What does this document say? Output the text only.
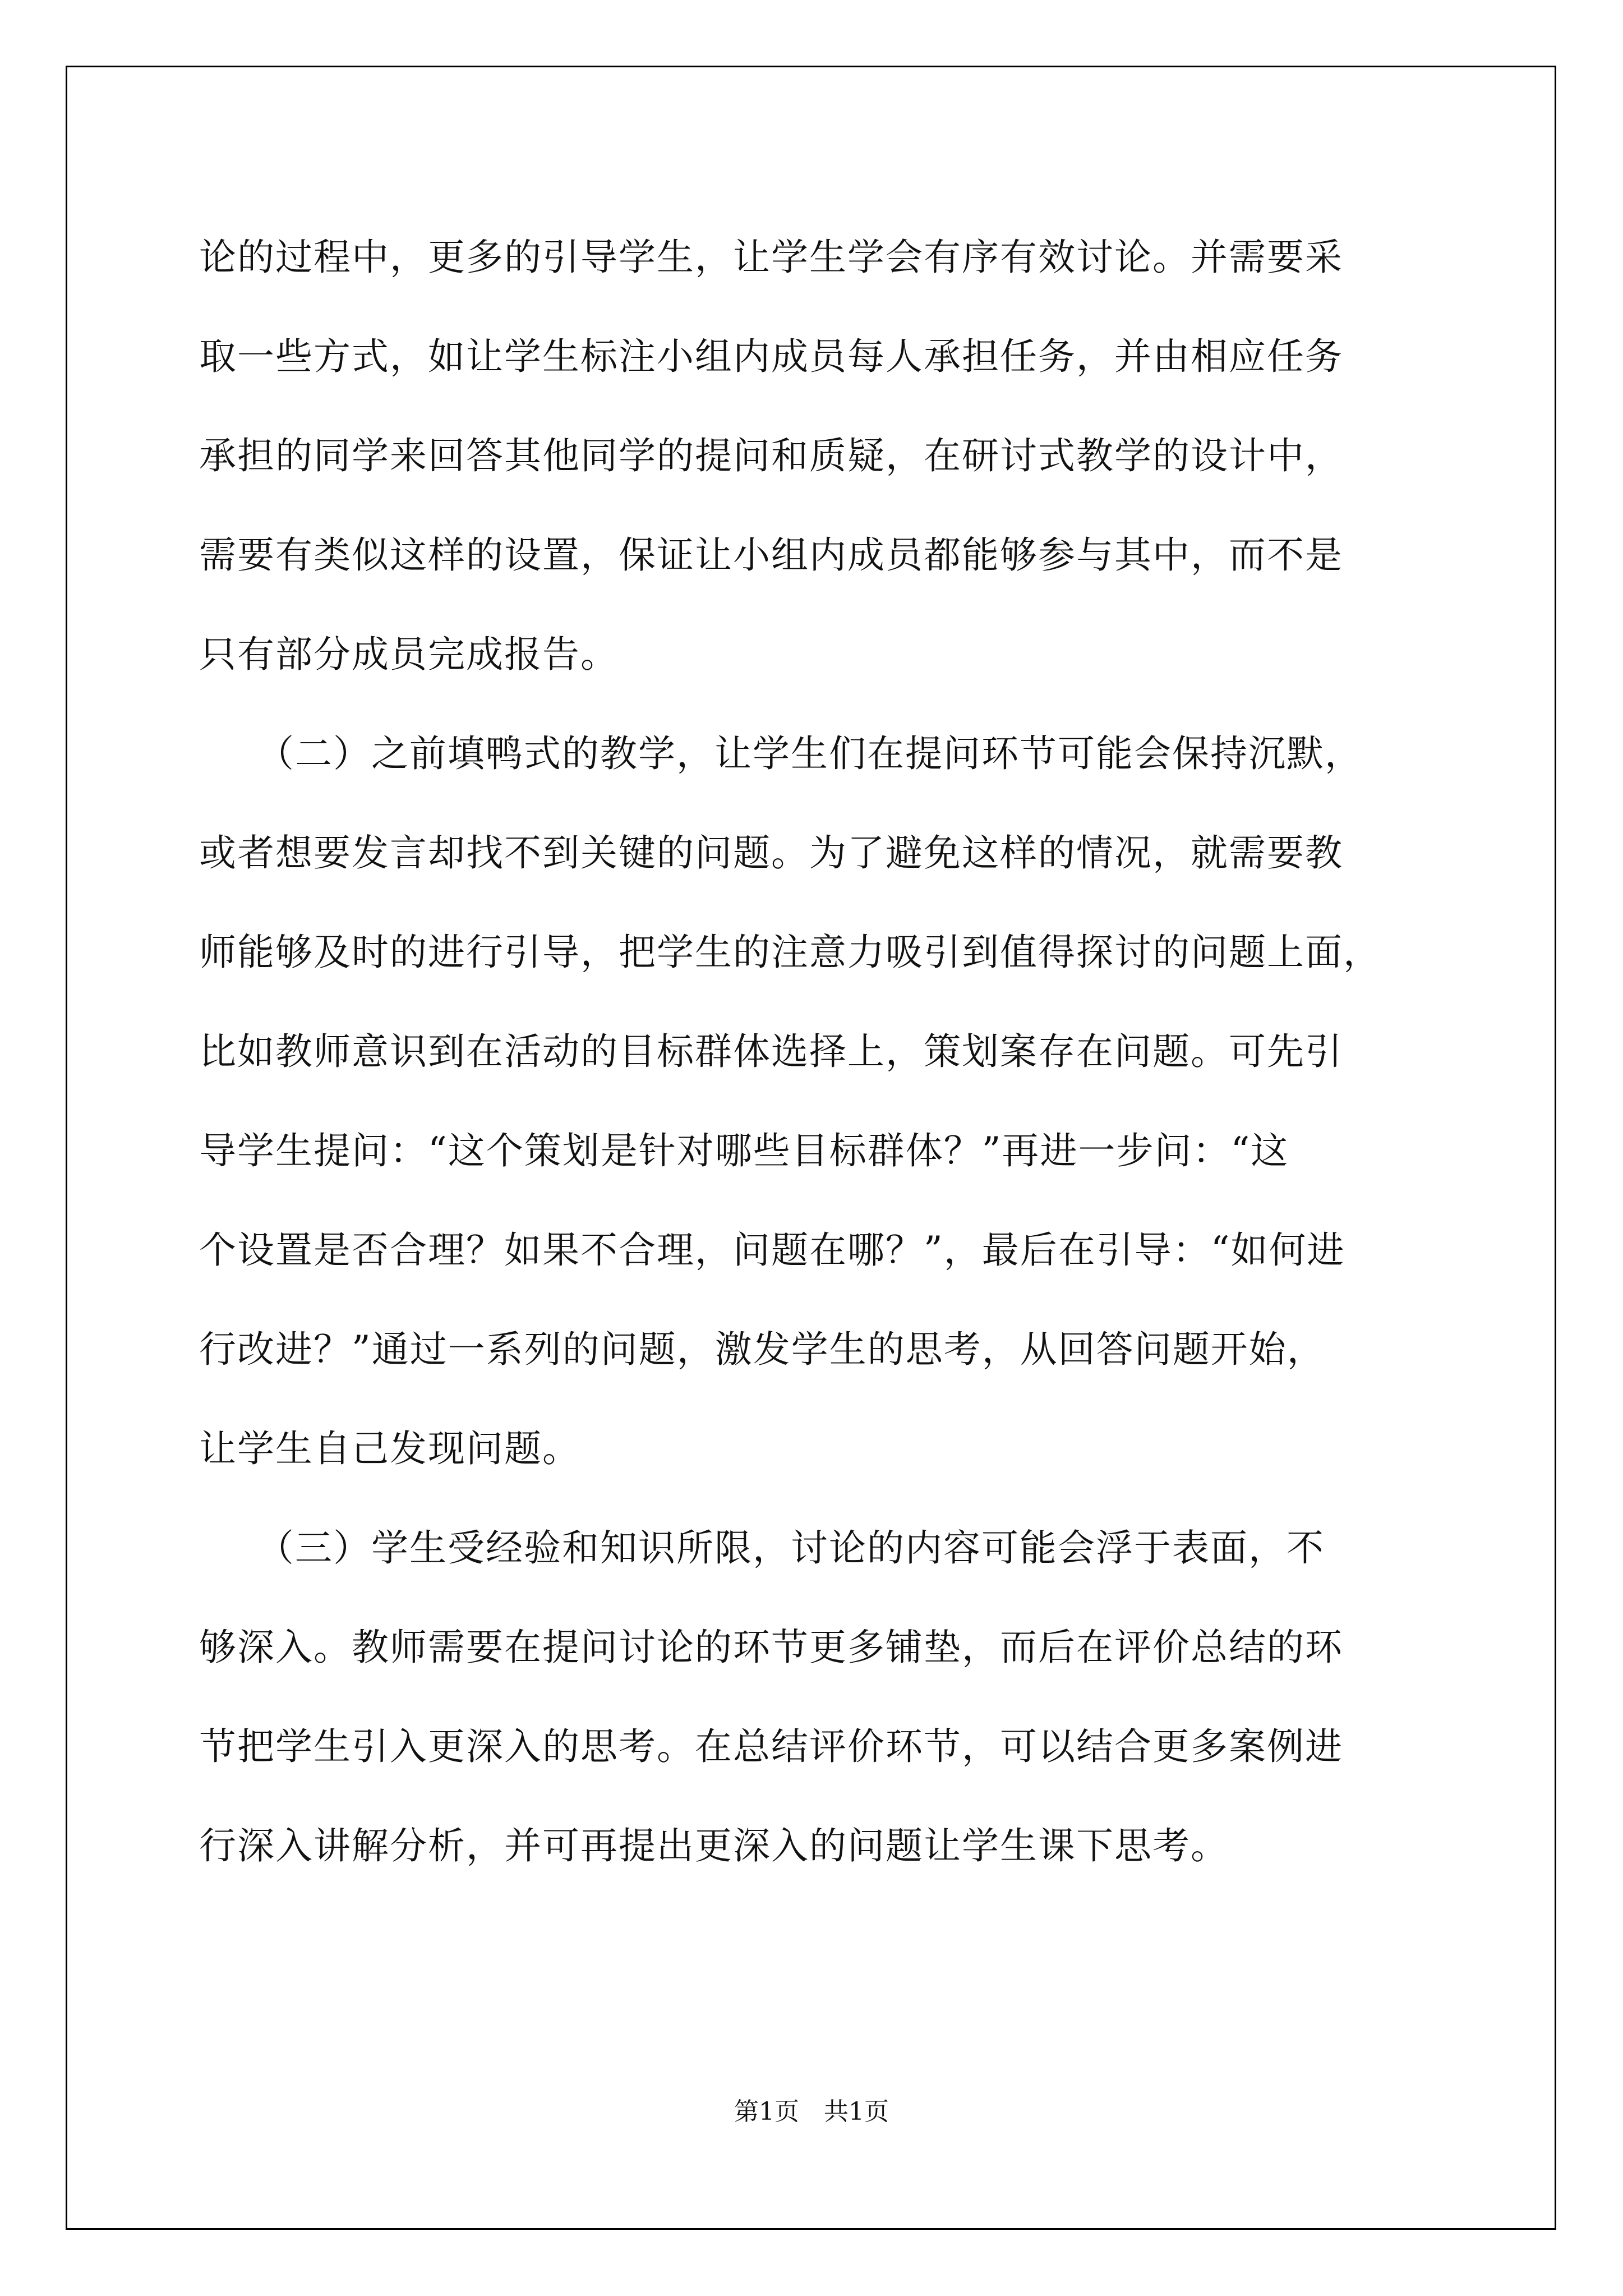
论的过程中，更多的引导学生，让学生学会有序有效讨论。并需要采
取一些方式，如让学生标注小组内成员每人承担任务，并由相应任务
承担的同学来回答其他同学的提问和质疑，在研讨式教学的设计中，
需要有类似这样的设置，保证让小组内成员都能够参与其中，而不是
只有部分成员完成报告。
　　（二）之前填鸭式的教学，让学生们在提问环节可能会保持沉默，
或者想要发言却找不到关键的问题。为了避免这样的情况，就需要教
师能够及时的进行引导，把学生的注意力吸引到值得探讨的问题上面，
比如教师意识到在活动的目标群体选择上，策划案存在问题。可先引
导学生提问：“这个策划是针对哪些目标群体？”再进一步问：“这
个设置是否合理？如果不合理，问题在哪？”，最后在引导：“如何进
行改进？”通过一系列的问题，激发学生的思考，从回答问题开始，
让学生自己发现问题。
　　（三）学生受经验和知识所限，讨论的内容可能会浮于表面，不
够深入。教师需要在提问讨论的环节更多铺垫，而后在评价总结的环
节把学生引入更深入的思考。在总结评价环节，可以结合更多案例进
行深入讲解分析，并可再提出更深入的问题让学生课下思考。
第1页　共1页
